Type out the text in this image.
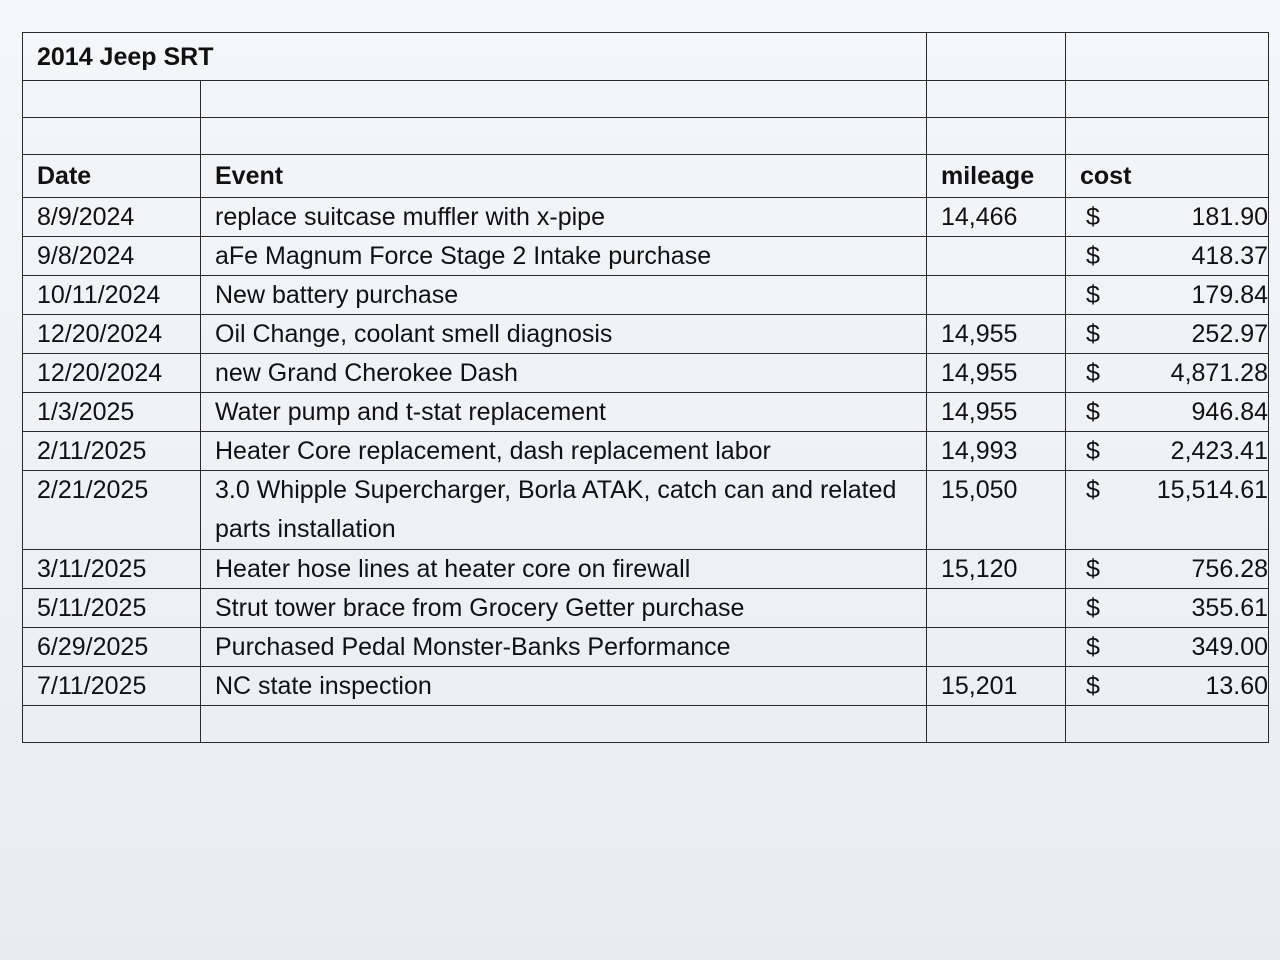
2014 Jeep SRT			

Date	Event	mileage	cost
8/9/2024	replace suitcase muffler with x-pipe	14,466	$ 181.90

9/8/2024	aFe Magnum Force Stage 2 Intake purchase		$ 418.37

10/11/2024	New battery purchase		$ 179.84

12/20/2024	Oil Change, coolant smell diagnosis	14,955	$ 252.97

12/20/2024	new Grand Cherokee Dash	14,955	$ 4,871.28

1/3/2025	Water pump and t-stat replacement	14,955	$ 946.84

2/11/2025	Heater Core replacement, dash replacement labor	14,993	$ 2,423.41

2/21/2025	3.0 Whipple Supercharger, Borla ATAK, catch can and related parts installation	15,050	$ 15,514.61

3/11/2025	Heater hose lines at heater core on firewall	15,120	$ 756.28

5/11/2025	Strut tower brace from Grocery Getter purchase		$ 355.61

6/29/2025	Purchased Pedal Monster-Banks Performance		$ 349.00

7/11/2025	NC state inspection	15,201	$ 13.60
